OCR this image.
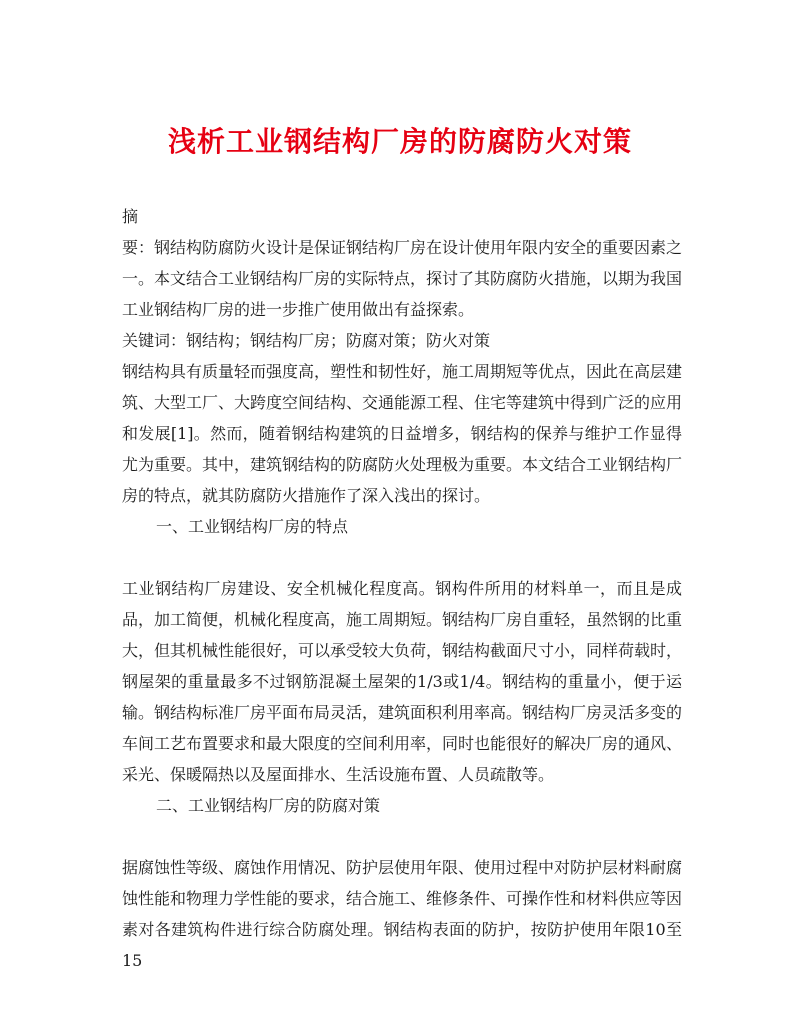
浅析工业钢结构厂房的防腐防火对策

摘

要：钢结构防腐防火设计是保证钢结构厂房在设计使用年限内安全的重要因素之一。本文结合工业钢结构厂房的实际特点，探讨了其防腐防火措施，以期为我国工业钢结构厂房的进一步推广使用做出有益探索。

关键词：钢结构；钢结构厂房；防腐对策；防火对策

钢结构具有质量轻而强度高，塑性和韧性好，施工周期短等优点，因此在高层建筑、大型工厂、大跨度空间结构、交通能源工程、住宅等建筑中得到广泛的应用和发展[1]。然而，随着钢结构建筑的日益增多，钢结构的保养与维护工作显得尤为重要。其中，建筑钢结构的防腐防火处理极为重要。本文结合工业钢结构厂房的特点，就其防腐防火措施作了深入浅出的探讨。

一、工业钢结构厂房的特点

工业钢结构厂房建设、安全机械化程度高。钢构件所用的材料单一，而且是成品，加工简便，机械化程度高，施工周期短。钢结构厂房自重轻，虽然钢的比重大，但其机械性能很好，可以承受较大负荷，钢结构截面尺寸小，同样荷载时，钢屋架的重量最多不过钢筋混凝土屋架的1/3或1/4。钢结构的重量小，便于运输。钢结构标准厂房平面布局灵活，建筑面积利用率高。钢结构厂房灵活多变的车间工艺布置要求和最大限度的空间利用率，同时也能很好的解决厂房的通风、采光、保暖隔热以及屋面排水、生活设施布置、人员疏散等。

二、工业钢结构厂房的防腐对策

据腐蚀性等级、腐蚀作用情况、防护层使用年限、使用过程中对防护层材料耐腐蚀性能和物理力学性能的要求，结合施工、维修条件、可操作性和材料供应等因素对各建筑构件进行综合防腐处理。钢结构表面的防护，按防护使用年限10至15
